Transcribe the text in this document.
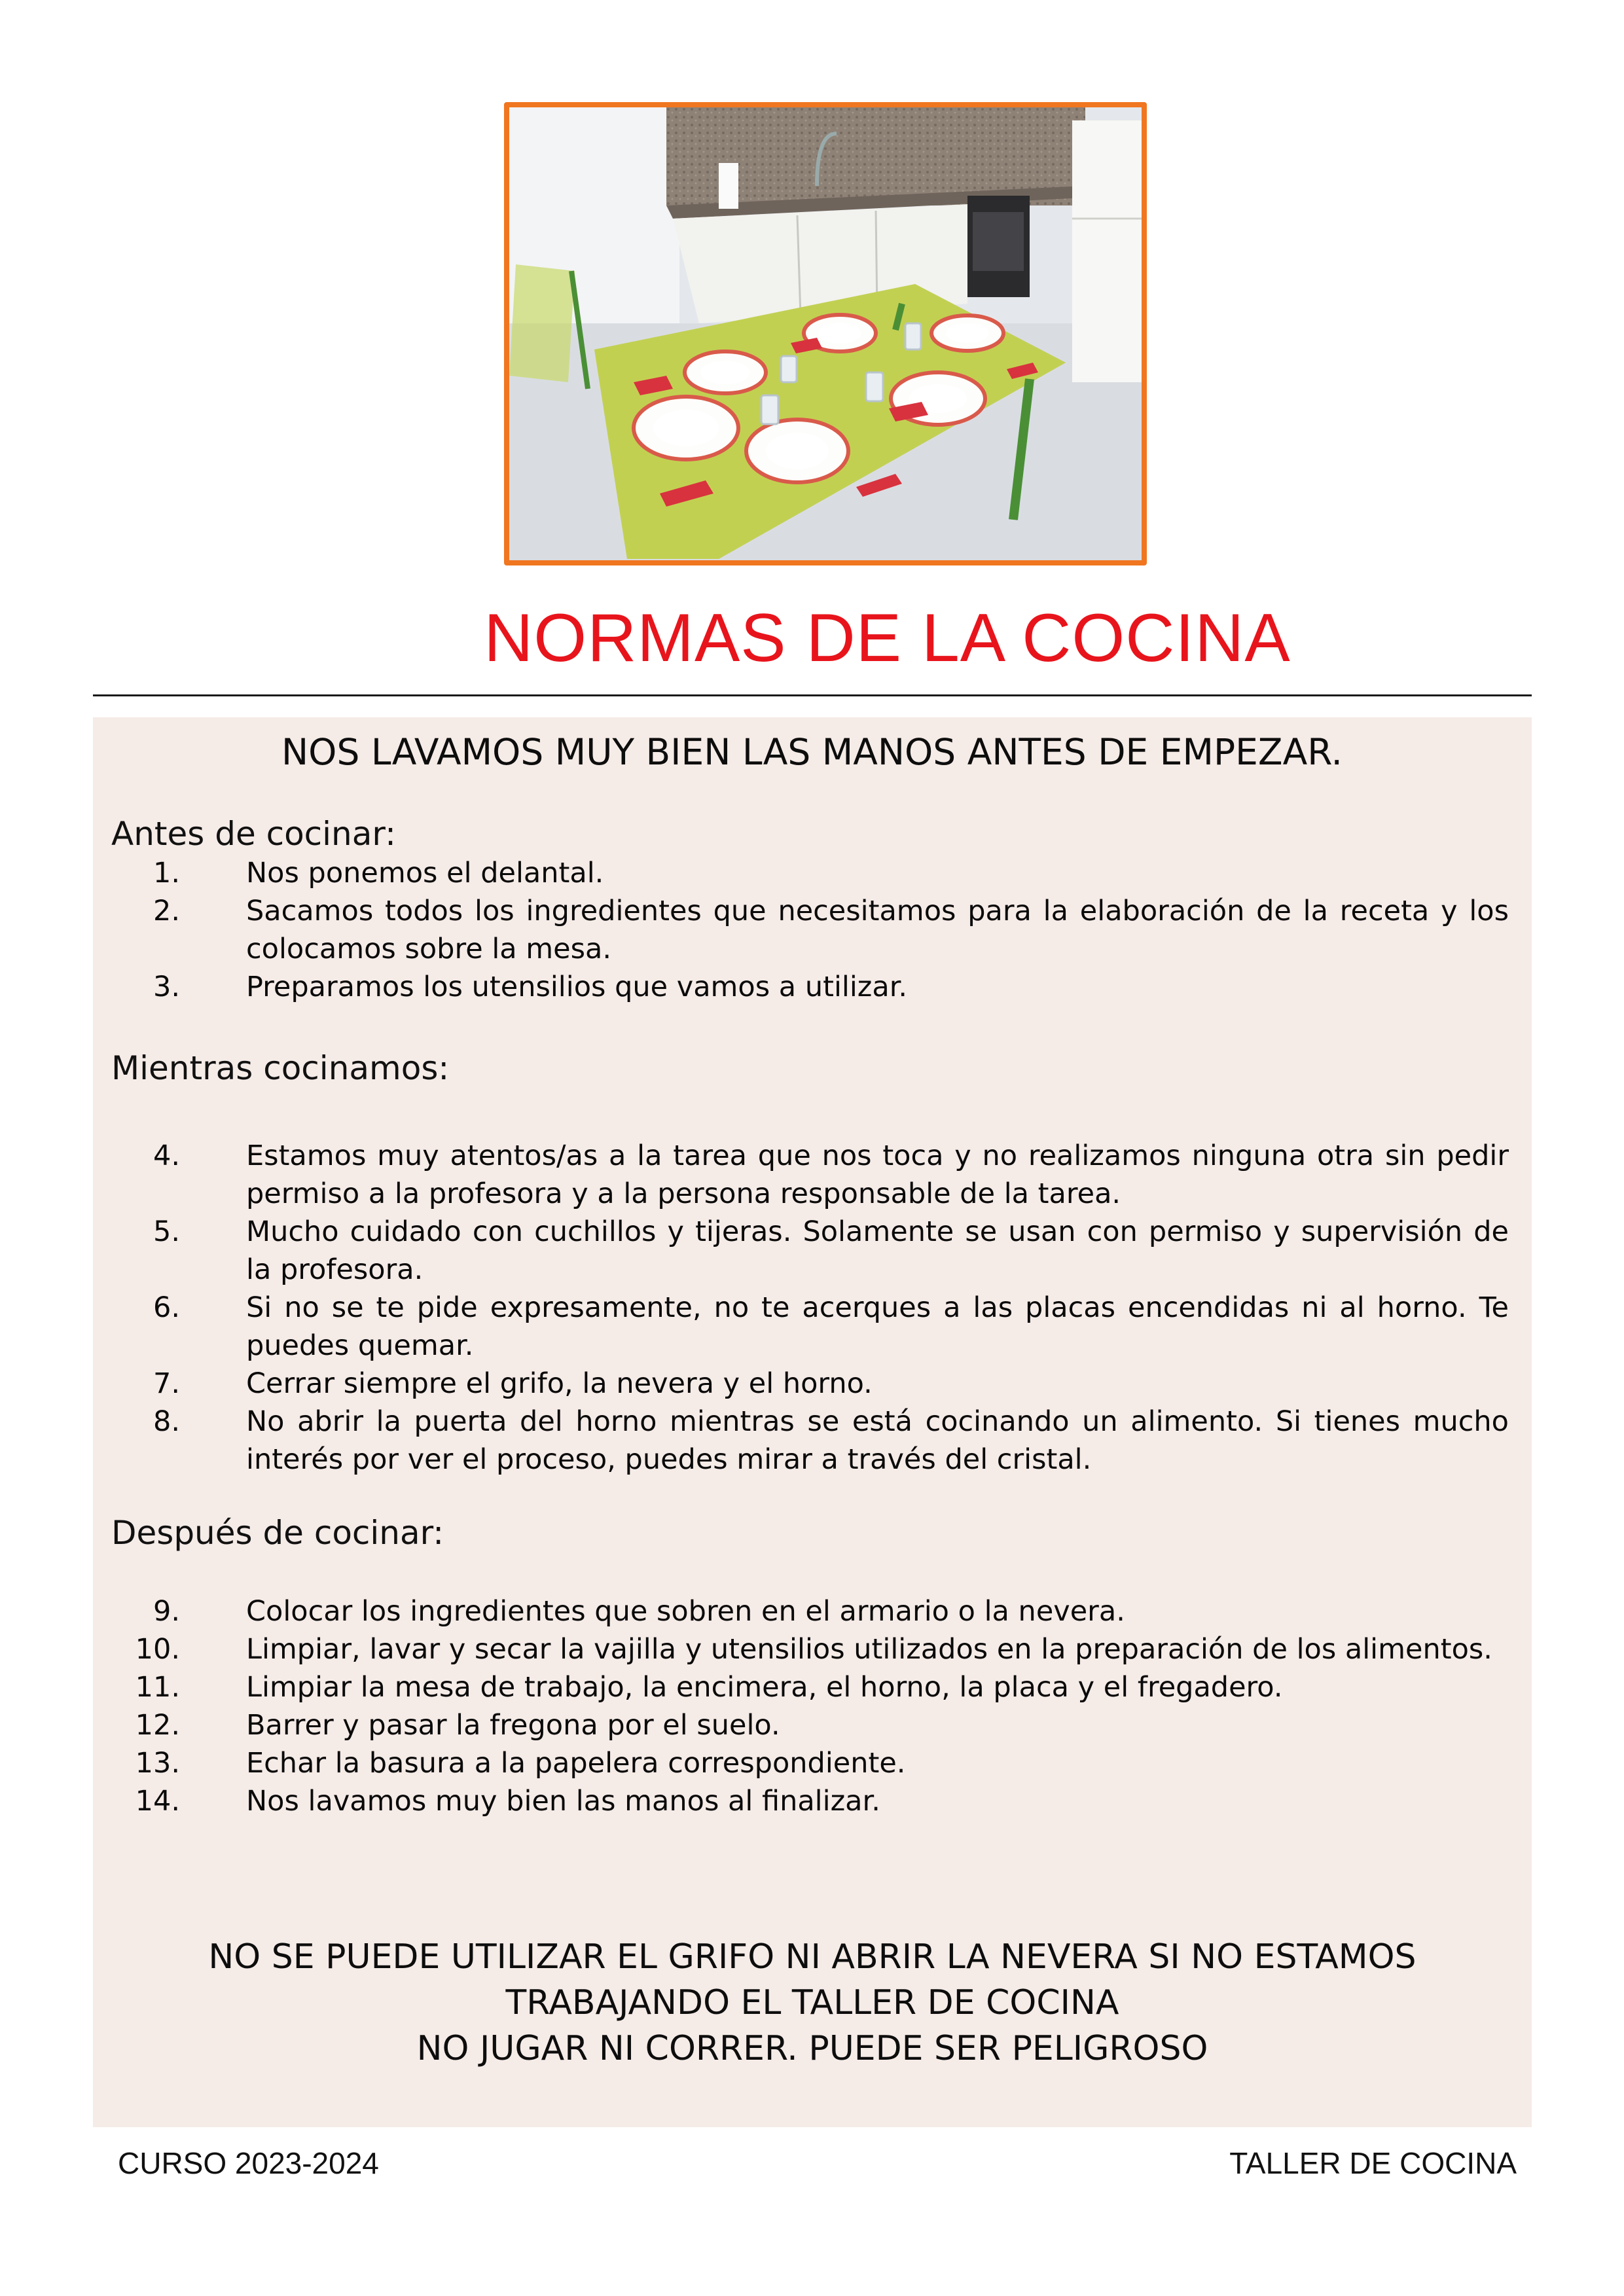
NORMAS DE LA COCINA
NOS LAVAMOS MUY BIEN LAS MANOS ANTES DE EMPEZAR.
Antes de cocinar:
1. Nos ponemos el delantal.
2. Sacamos todos los ingredientes que necesitamos para la elaboración de la receta y los colocamos sobre la mesa.
3. Preparamos los utensilios que vamos a utilizar.
Mientras cocinamos:
4. Estamos muy atentos/as a la tarea que nos toca y no realizamos ninguna otra sin pedir permiso a la profesora y a la persona responsable de la tarea.
5. Mucho cuidado con cuchillos y tijeras. Solamente se usan con permiso y supervisión de la profesora.
6. Si no se te pide expresamente, no te acerques a las placas encendidas ni al horno. Te puedes quemar.
7. Cerrar siempre el grifo, la nevera y el horno.
8. No abrir la puerta del horno mientras se está cocinando un alimento. Si tienes mucho interés por ver el proceso, puedes mirar a través del cristal.
Después de cocinar:
9. Colocar los ingredientes que sobren en el armario o la nevera.
10. Limpiar, lavar y secar la vajilla y utensilios utilizados en la preparación de los alimentos.
11. Limpiar la mesa de trabajo, la encimera, el horno, la placa y el fregadero.
12. Barrer y pasar la fregona por el suelo.
13. Echar la basura a la papelera correspondiente.
14. Nos lavamos muy bien las manos al finalizar.
NO SE PUEDE UTILIZAR EL GRIFO NI ABRIR LA NEVERA SI NO ESTAMOS
TRABAJANDO EL TALLER DE COCINA
NO JUGAR NI CORRER. PUEDE SER PELIGROSO
CURSO 2023-2024	TALLER DE COCINA
